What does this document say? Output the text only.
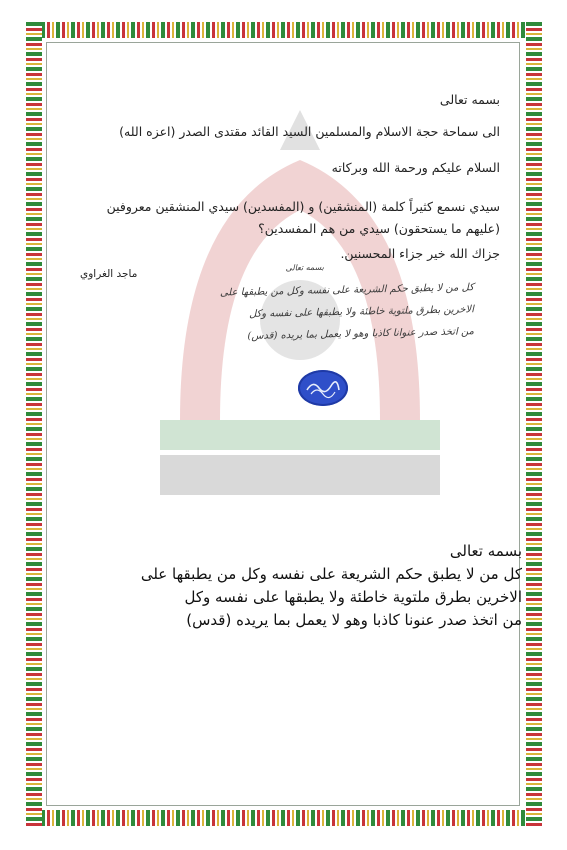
بسمه تعالى

الى سماحة حجة الاسلام والمسلمين السيد القائد مقتدى الصدر (اعزه الله)

السلام عليكم ورحمة الله وبركاته

سيدي نسمع كثيراً كلمة (المنشقين) و (المفسدين) سيدي المنشقين معروفين (عليهم ما يستحقون) سيدي من هم المفسدين؟

جزاك الله خير جزاء المحسنين.

ماجد الغراوي

بسمه تعالى
كل من لا يطبق حكم الشريعة على نفسه وكل من يطبقها على
الاخرين بطرق ملتوية خاطئة ولا يطبقها على نفسه وكل
من اتخذ صدر عنوانا كاذبا وهو لا يعمل بما يريده (قدس)

بسمه تعالى

كل من لا يطبق حكم الشريعة على نفسه وكل من يطبقها على

الاخرين بطرق ملتوية خاطئة ولا يطبقها على نفسه وكل

من اتخذ صدر عنونا كاذبا وهو لا يعمل بما يريده (قدس)
